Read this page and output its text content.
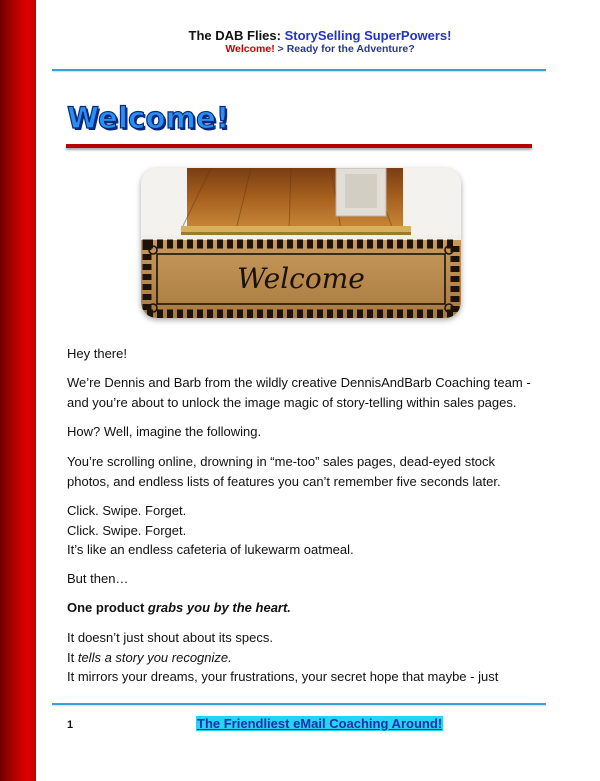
The DAB Flies: StorySelling SuperPowers!
Welcome! > Ready for the Adventure?
Welcome!
Welcome

Hey there!

We’re Dennis and Barb from the wildly creative DennisAndBarb Coaching team -

and you’re about to unlock the image magic of story-telling within sales pages.

How? Well, imagine the following.

You’re scrolling online, drowning in “me-too” sales pages, dead-eyed stock

photos, and endless lists of features you can’t remember five seconds later.

Click. Swipe. Forget.

Click. Swipe. Forget.

It’s like an endless cafeteria of lukewarm oatmeal.

But then…

One product grabs you by the heart.

It doesn’t just shout about its specs.

It tells a story you recognize.

It mirrors your dreams, your frustrations, your secret hope that maybe - just

1	The Friendliest eMail Coaching Around!
